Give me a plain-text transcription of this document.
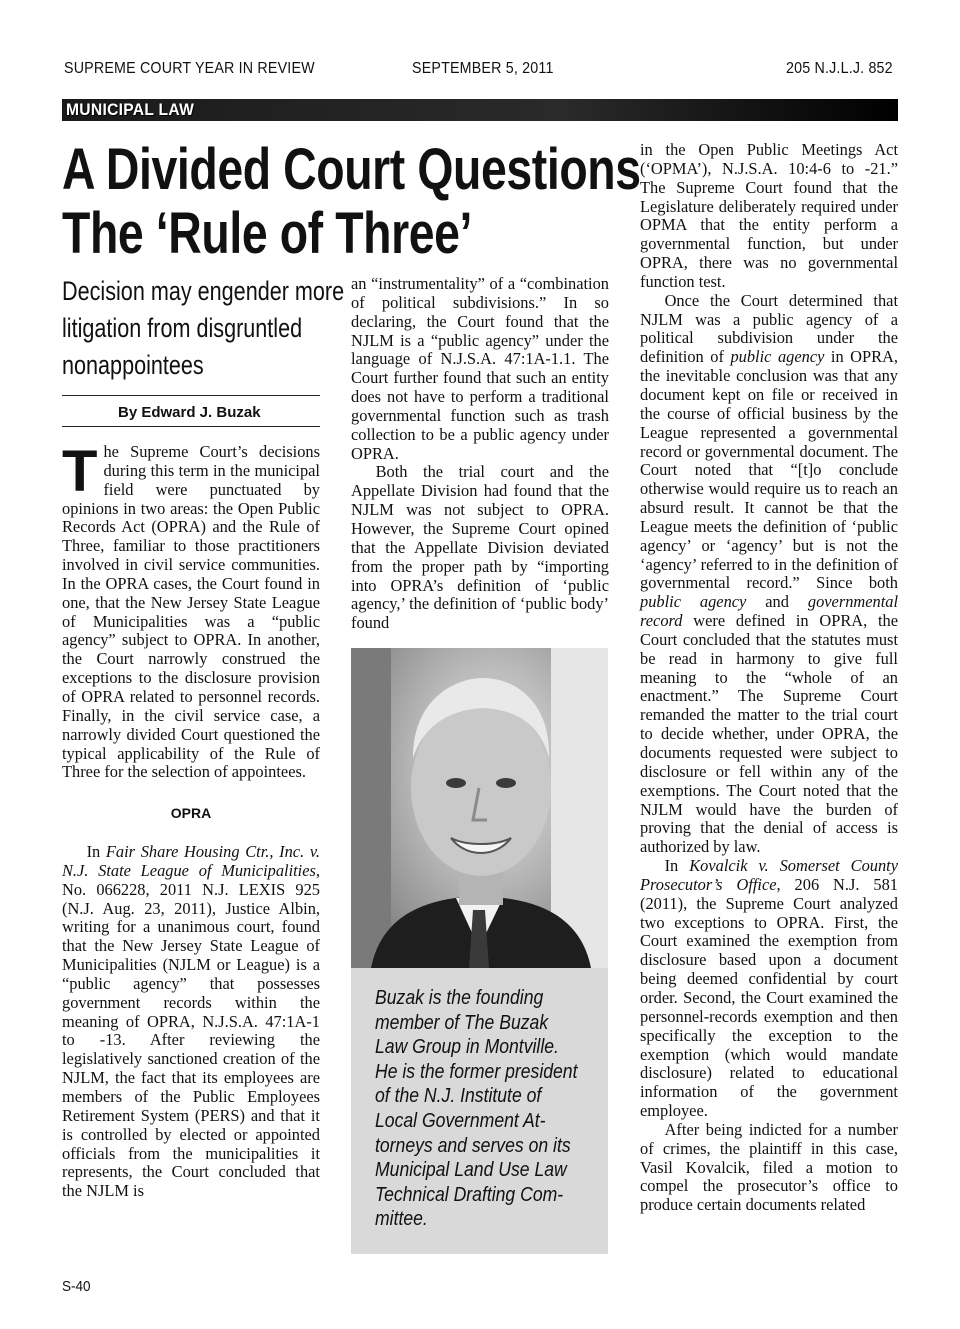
SUPREME COURT YEAR IN REVIEW	SEPTEMBER 5, 2011	205 N.J.L.J. 852
MUNICIPAL LAW
A Divided Court Questions
The ‘Rule of Three’
Decision may engender more
litigation from disgruntled
nonappointees
By Edward J. Buzak

The Supreme Court’s decisions during this term in the municipal field were punctuated by opinions in two areas: the Open Public Records Act (OPRA) and the Rule of Three, familiar to those practitioners involved in civil service communities. In the OPRA cases, the Court found in one, that the New Jersey State League of Municipalities was a “public agency” subject to OPRA. In another, the Court narrowly construed the exceptions to the disclosure provision of OPRA related to personnel records. Finally, in the civil service case, a narrowly divided Court questioned the typical applicability of the Rule of Three for the selection of appointees.

OPRA

In Fair Share Housing Ctr., Inc. v. N.J. State League of Municipalities, No. 066228, 2011 N.J. LEXIS 925 (N.J. Aug. 23, 2011), Justice Albin, writing for a unanimous court, found that the New Jersey State League of Municipalities (NJLM or League) is a “public agency” that possesses government records within the meaning of OPRA, N.J.S.A. 47:1A-1 to -13. After reviewing the legislatively sanctioned creation of the NJLM, the fact that its employees are members of the Public Employees Retirement System (PERS) and that it is controlled by elected or appointed officials from the municipalities it represents, the Court concluded that the NJLM is

an “instrumentality” of a “combination of political subdivisions.” In so declaring, the Court found that the NJLM is a “public agency” under the language of N.J.S.A. 47:1A-1.1. The Court further found that such an entity does not have to perform a traditional governmental function such as trash collection to be a public agency under OPRA.

Both the trial court and the Appellate Division had found that the NJLM was not subject to OPRA. However, the Supreme Court opined that the Appellate Division deviated from the proper path by “importing into OPRA’s definition of ‘public agency,’ the definition of ‘public body’ found

Buzak is the founding
member of The Buzak
Law Group in Montville.
He is the former president
of the N.J. Institute of
Local Government At-
torneys and serves on its
Municipal Land Use Law
Technical Drafting Com-
mittee.

in the Open Public Meetings Act (‘OPMA’), N.J.S.A. 10:4-6 to -21.” The Supreme Court found that the Legislature deliberately required under OPMA that the entity perform a governmental function, but under OPRA, there was no governmental function test.

Once the Court determined that NJLM was a public agency of a political subdivision under the definition of public agency in OPRA, the inevitable conclusion was that any document kept on file or received in the course of official business by the League represented a governmental record or governmental document. The Court noted that “[t]o conclude otherwise would require us to reach an absurd result. It cannot be that the League meets the definition of ‘public agency’ or ‘agency’ but is not the ‘agency’ referred to in the definition of governmental record.” Since both public agency and governmental record were defined in OPRA, the Court concluded that the statutes must be read in harmony to give full meaning to the “whole of an enactment.” The Supreme Court remanded the matter to the trial court to decide whether, under OPRA, the documents requested were subject to disclosure or fell within any of the exemptions. The Court noted that the NJLM would have the burden of proving that the denial of access is authorized by law.

In Kovalcik v. Somerset County Prosecutor’s Office, 206 N.J. 581 (2011), the Supreme Court analyzed two exceptions to OPRA. First, the Court examined the exemption from disclosure based upon a document being deemed confidential by court order. Second, the Court examined the personnel-records exemption and then specifically the exception to the exemption (which would mandate disclosure) related to educational information of the government employee.

After being indicted for a number of crimes, the plaintiff in this case, Vasil Kovalcik, filed a motion to compel the prosecutor’s office to produce certain documents related

S-40
